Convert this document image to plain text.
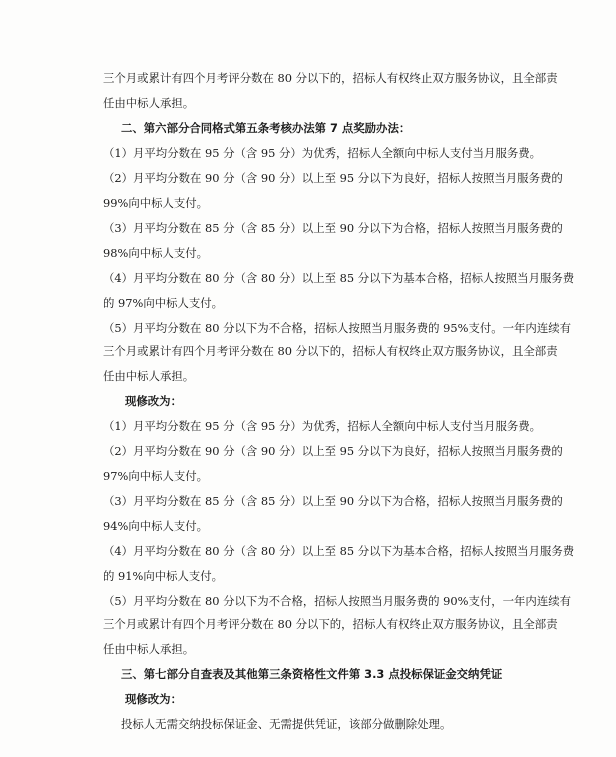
三个月或累计有四个月考评分数在 80 分以下的，招标人有权终止双方服务协议，且全部责

任由中标人承担。

二、第六部分合同格式第五条考核办法第 7 点奖励办法：

（1）月平均分数在 95 分（含 95 分）为优秀，招标人全额向中标人支付当月服务费。

（2）月平均分数在 90 分（含 90 分）以上至 95 分以下为良好，招标人按照当月服务费的

99%向中标人支付。

（3）月平均分数在 85 分（含 85 分）以上至 90 分以下为合格，招标人按照当月服务费的

98%向中标人支付。

（4）月平均分数在 80 分（含 80 分）以上至 85 分以下为基本合格，招标人按照当月服务费

的 97%向中标人支付。

（5）月平均分数在 80 分以下为不合格，招标人按照当月服务费的 95%支付。一年内连续有

三个月或累计有四个月考评分数在 80 分以下的，招标人有权终止双方服务协议，且全部责

任由中标人承担。

现修改为：

（1）月平均分数在 95 分（含 95 分）为优秀，招标人全额向中标人支付当月服务费。

（2）月平均分数在 90 分（含 90 分）以上至 95 分以下为良好，招标人按照当月服务费的

97%向中标人支付。

（3）月平均分数在 85 分（含 85 分）以上至 90 分以下为合格，招标人按照当月服务费的

94%向中标人支付。

（4）月平均分数在 80 分（含 80 分）以上至 85 分以下为基本合格，招标人按照当月服务费

的 91%向中标人支付。

（5）月平均分数在 80 分以下为不合格，招标人按照当月服务费的 90%支付，一年内连续有

三个月或累计有四个月考评分数在 80 分以下的，招标人有权终止双方服务协议，且全部责

任由中标人承担。

三、第七部分自查表及其他第三条资格性文件第 3.3 点投标保证金交纳凭证

现修改为：

投标人无需交纳投标保证金、无需提供凭证，该部分做删除处理。
